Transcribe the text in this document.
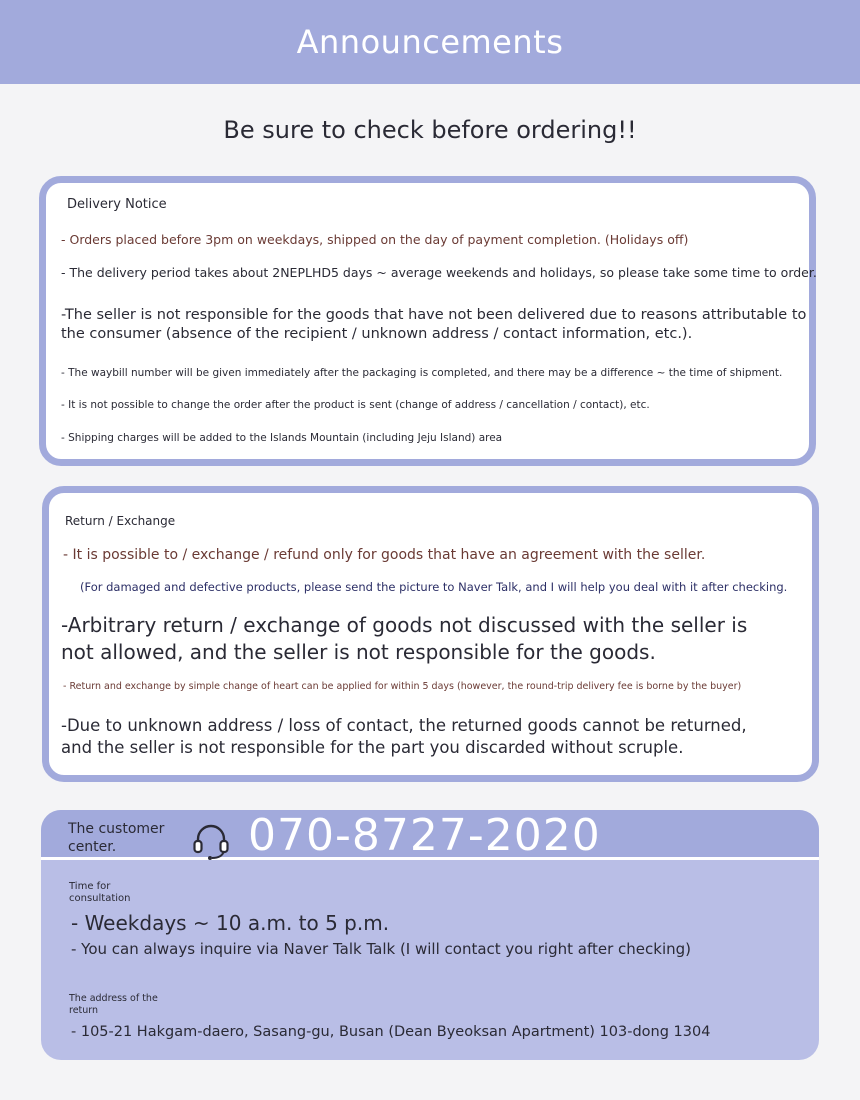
Announcements
Be sure to check before ordering!!
Delivery Notice
- Orders placed before 3pm on weekdays, shipped on the day of payment completion. (Holidays off)
- The delivery period takes about 2NEPLHD5 days ~ average weekends and holidays, so please take some time to order.
-The seller is not responsible for the goods that have not been delivered due to reasons attributable to
the consumer (absence of the recipient / unknown address / contact information, etc.).
- The waybill number will be given immediately after the packaging is completed, and there may be a difference ~ the time of shipment.
- It is not possible to change the order after the product is sent (change of address / cancellation / contact), etc.
- Shipping charges will be added to the Islands Mountain (including Jeju Island) area
Return / Exchange
- It is possible to / exchange / refund only for goods that have an agreement with the seller.
(For damaged and defective products, please send the picture to Naver Talk, and I will help you deal with it after checking.
-Arbitrary return / exchange of goods not discussed with the seller is
not allowed, and the seller is not responsible for the goods.
- Return and exchange by simple change of heart can be applied for within 5 days (however, the round-trip delivery fee is borne by the buyer)
-Due to unknown address / loss of contact, the returned goods cannot be returned,
and the seller is not responsible for the part you discarded without scruple.
The customer
center.	070-8727-2020
Time for
consultation
- Weekdays ~ 10 a.m. to 5 p.m.
- You can always inquire via Naver Talk Talk (I will contact you right after checking)
The address of the
return
- 105-21 Hakgam-daero, Sasang-gu, Busan (Dean Byeoksan Apartment) 103-dong 1304
